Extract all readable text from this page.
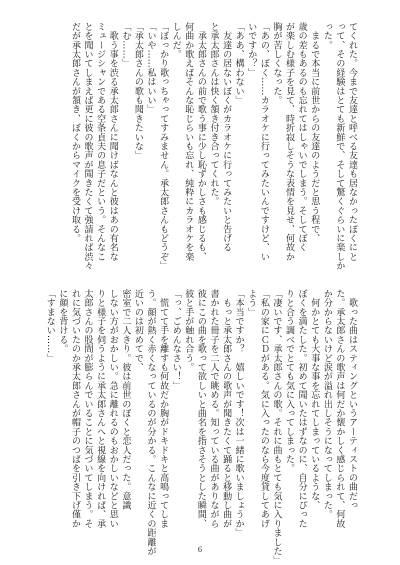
てくれた。今まで友達と呼べる友達も居なかったぼくにと

って、その経験はとても新鮮で、そして驚くぐらいに楽しか

った。

　まるで本当に前世からの友達のようだと思う程で、

歳の差もあるのも忘れてはしゃいでしまう。そしてぼく

が楽しむ様子を見て、時折寂しそうな表情を見せ、何故か

胸が苦しくなった。

「あの、ぼく……カラオケに行ってみたいんですけど、い

いですか？」

「ああ、構わない」

　友達の居ないぼくがカラオケに行ってみたいと告げる

と承太郎さんは快く頷き付き合ってくれた。

　承太郎さんの前で歌う事に少し恥ずかしさも感じるも、

何曲か歌えばそんな恥じらいも忘れ、純粋にカラオケを楽

しんだ。

「ぼっかり歌っちゃってすみません。承太郎さんもどうぞ」

「いや……私はいい」

「承太郎さんの歌も聞きたいな」

「む……」

　歌う事を渋る承太郎さんに聞けばなんと彼はあの有名な

ミュージシャンである空条貞夫の息子だという。そんなこ

とを聞いてしまえば更に彼の歌声が聞きたくて強請れば渋々

だが承太郎さんが頷き、ぼくからマイクを受け取る。

　歌った曲はスティングというアーティストの曲だっ

た。承太郎さんの歌声は何だか懐かしく感じられて、何故

か分からないけど涙が溢れ出しそうになってしまった。

　何かとても大事な事を忘れてしまっているような、

ぼくを満たした。初めて聞いたはずなのに、自分にぴった

りと合う調べでとても気に入ってしまった。

「凄いです、承太郎さんの歌。それに曲もとても気に入りました」

「私の家にＣＤがある。気に入ったのなら今度貸してあげ

よう」

「本当ですか？　嬉しいです！次は一緒に歌いましょうか」

　もっと承太郎さんの歌声が聞きたくて踊ると移動し曲が

書かれた冊子を二人で眺める。知っている曲がありながら

彼にこの曲を歌って欲しいと曲名を指さそうとした瞬間、

彼と手が触れ合う。

「っ、ごめんなさい！」

　慌てて手を離すも何故だか胸がドキドキと高鳴ってしま

う。顔が熱く赤くなっているのが分かる。こんなに近くの距離が

近いのは初めてで、

密室で二人きり。彼は前世のぼくと恋人だった。意識

しない方がおかしい。急に離れるのもおかしいなどと思い

りと様子を伺うように承太郎さんへと視線を向ければ、承

太郎さんの股間が膨らんでいることに気づいてしまう。そ

れに気づいたのか承太郎さんが帽子のつばを引き下げ僅か

に顔を背ける。

「すまない……」

6
